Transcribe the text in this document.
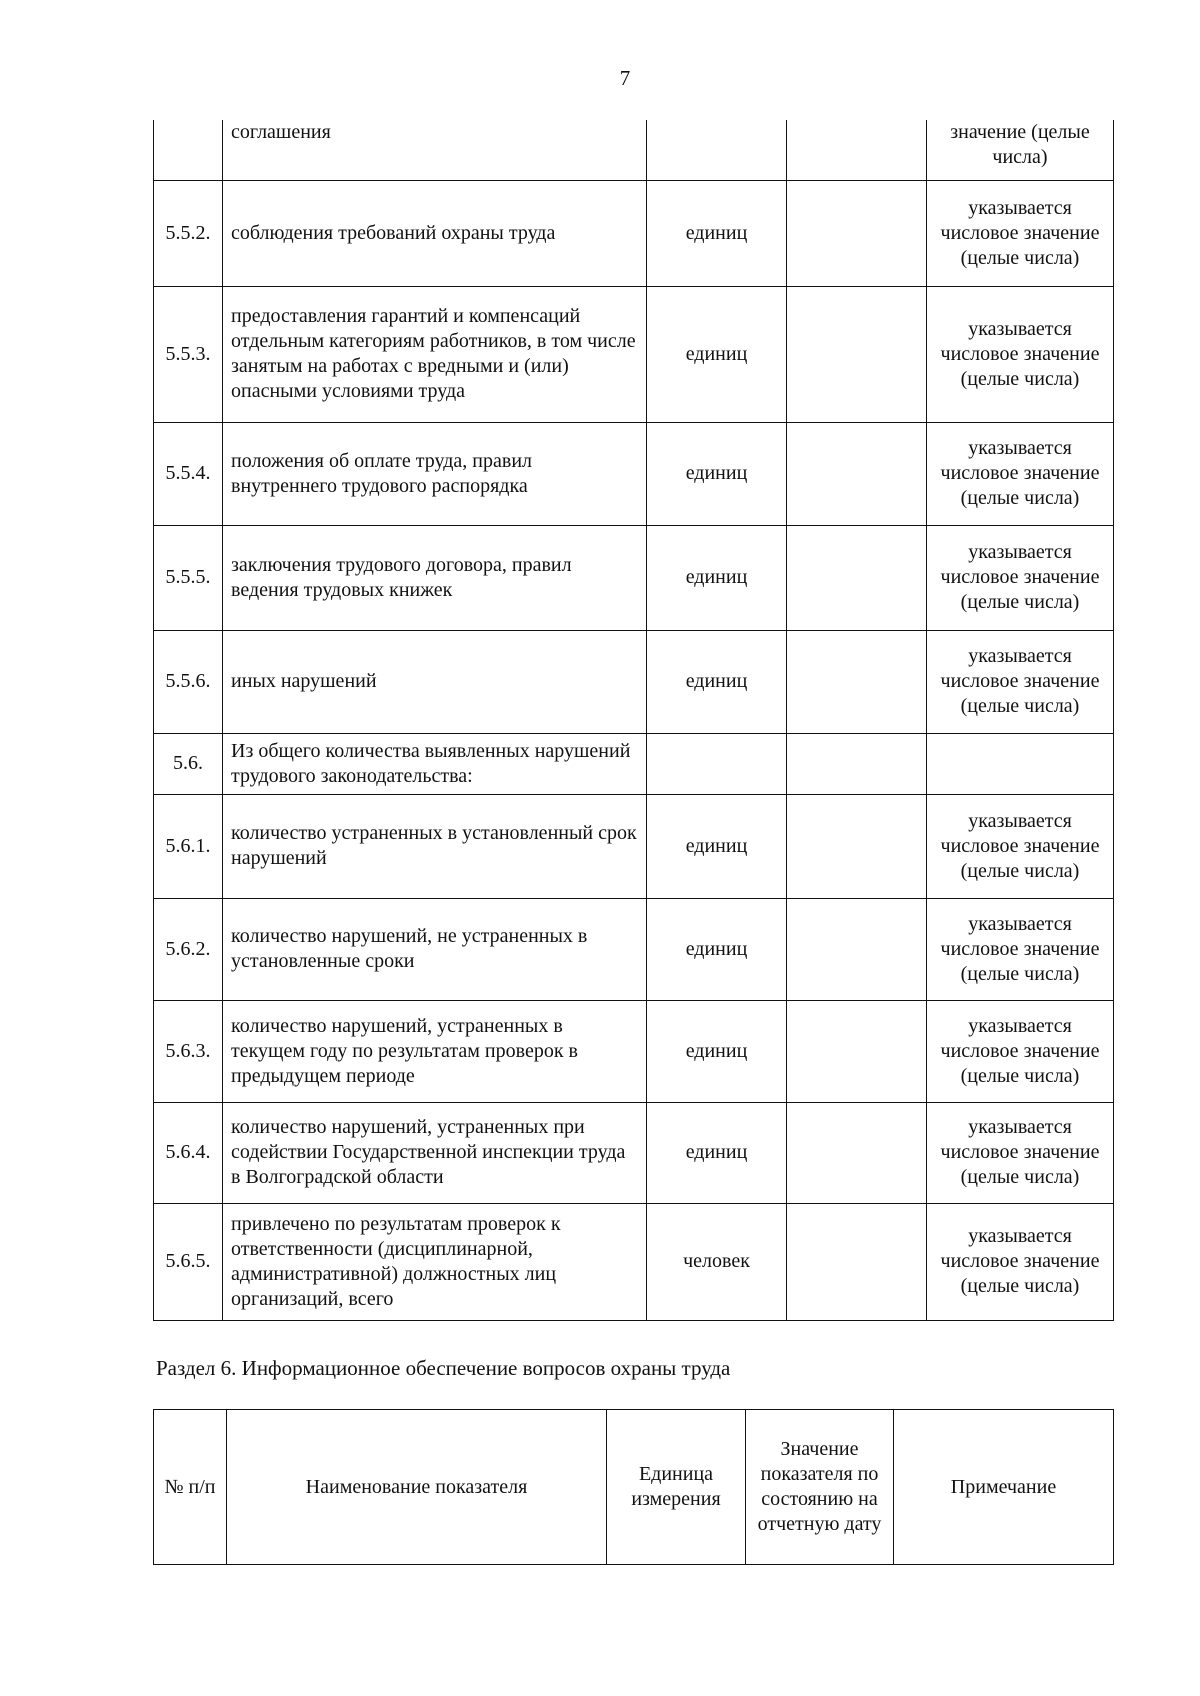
7
	соглашения			значение (целые числа)
5.5.2.	соблюдения требований охраны труда	единиц		указывается числовое значение (целые числа)
5.5.3.	предоставления гарантий и компенсаций отдельным категориям работников, в том числе занятым на работах с вредными и (или) опасными условиями труда	единиц		указывается числовое значение (целые числа)
5.5.4.	положения об оплате труда, правил внутреннего трудового распорядка	единиц		указывается числовое значение (целые числа)
5.5.5.	заключения трудового договора, правил ведения трудовых книжек	единиц		указывается числовое значение (целые числа)
5.5.6.	иных нарушений	единиц		указывается числовое значение (целые числа)
5.6.	Из общего количества выявленных нарушений трудового законодательства:			
5.6.1.	количество устраненных в установленный срок нарушений	единиц		указывается числовое значение (целые числа)
5.6.2.	количество нарушений, не устраненных в установленные сроки	единиц		указывается числовое значение (целые числа)
5.6.3.	количество нарушений, устраненных в текущем году по результатам проверок в предыдущем периоде	единиц		указывается числовое значение (целые числа)
5.6.4.	количество нарушений, устраненных при содействии Государственной инспекции труда в Волгоградской области	единиц		указывается числовое значение (целые числа)
5.6.5.	привлечено по результатам проверок к ответственности (дисциплинарной, административной) должностных лиц организаций, всего	человек		указывается числовое значение (целые числа)
Раздел 6. Информационное обеспечение вопросов охраны труда
№ п/п	Наименование показателя	Единица измерения	Значение показателя по состоянию на отчетную дату	Примечание
